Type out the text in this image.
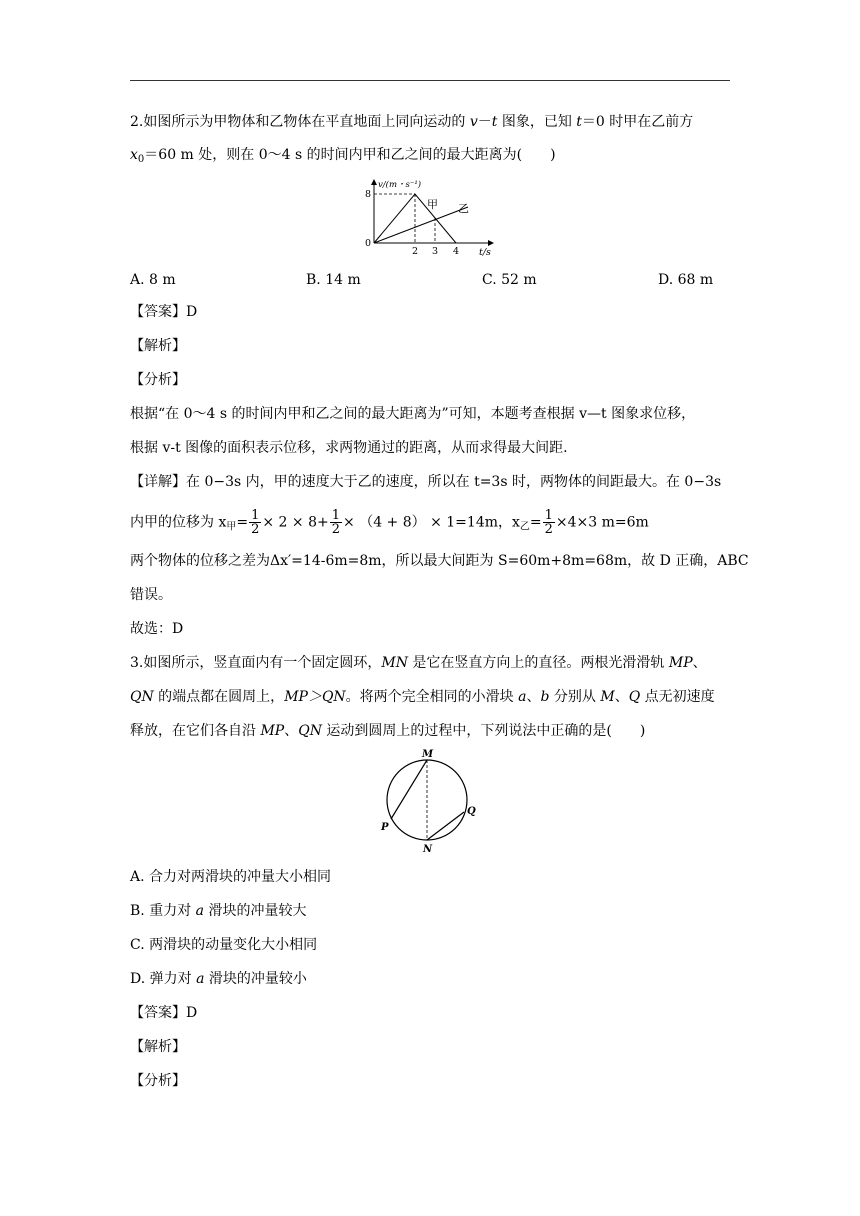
2.如图所示为甲物体和乙物体在平直地面上同向运动的 v－t 图象，已知 t＝0 时甲在乙前方
$x_0=60$ m 处，则在 0～4 s 的时间内甲和乙之间的最大距离为(　　)
v/(m・s⁻¹)
8
0
2 3 4 t/s
甲 乙
A. 8 m	B. 14 m	C. 52 m	D. 68 m
【答案】D
【解析】
【分析】
根据“在 0～4 s 的时间内甲和乙之间的最大距离为”可知，本题考查根据 v—t 图象求位移，
根据 v-t 图像的面积表示位移，求两物通过的距离，从而求得最大间距.
【详解】在 0−3s 内，甲的速度大于乙的速度，所以在 t=3s 时，两物体的间距最大。在 0−3s
内甲的位移为 $x_甲= \frac{1}{2} \times 2 \times 8+ \frac{1}{2} \times (4 + 8) \times 1=14m$，$x_乙= \frac{1}{2} \times 4\times 3$ m=6m
两个物体的位移之差为Δx′=14-6m=8m，所以最大间距为 S=60m+8m=68m，故 D 正确，ABC
错误。
故选：D
3.如图所示，竖直面内有一个固定圆环，MN 是它在竖直方向上的直径。两根光滑滑轨 MP、
QN 的端点都在圆周上，MP＞QN。将两个完全相同的小滑块 a、b 分别从 M、Q 点无初速度
释放，在它们各自沿 MP、QN 运动到圆周上的过程中，下列说法中正确的是(　　)
M
N
P
Q
A. 合力对两滑块的冲量大小相同
B. 重力对 a 滑块的冲量较大
C. 两滑块的动量变化大小相同
D. 弹力对 a 滑块的冲量较小
【答案】D
【解析】
【分析】
